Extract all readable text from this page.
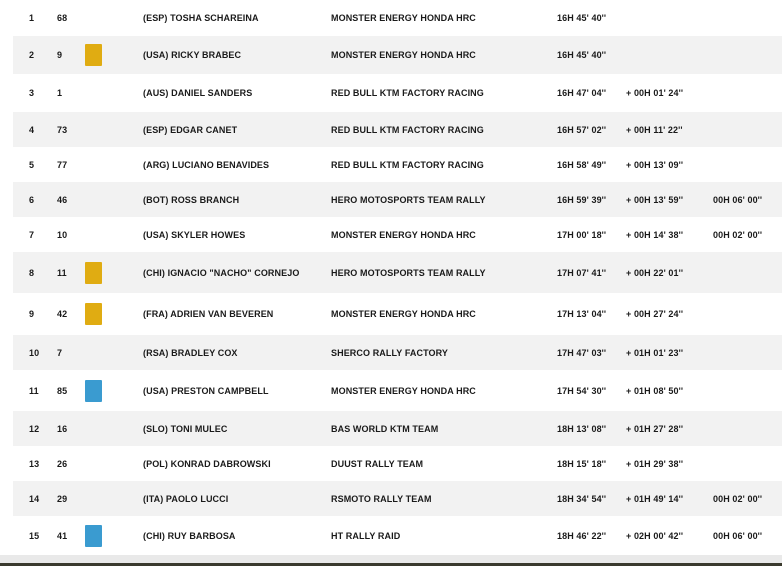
1	68	(ESP) TOSHA SCHAREINA	MONSTER ENERGY HONDA HRC	16H 45' 40''
2	9	(USA) RICKY BRABEC	MONSTER ENERGY HONDA HRC	16H 45' 40''
3	1	(AUS) DANIEL SANDERS	RED BULL KTM FACTORY RACING	16H 47' 04'' + 00H 01' 24''
4	73	(ESP) EDGAR CANET	RED BULL KTM FACTORY RACING	16H 57' 02'' + 00H 11' 22''
5	77	(ARG) LUCIANO BENAVIDES	RED BULL KTM FACTORY RACING	16H 58' 49'' + 00H 13' 09''
6	46	(BOT) ROSS BRANCH	HERO MOTOSPORTS TEAM RALLY	16H 59' 39'' + 00H 13' 59''	00H 06' 00''
7	10	(USA) SKYLER HOWES	MONSTER ENERGY HONDA HRC	17H 00' 18'' + 00H 14' 38''	00H 02' 00''
8	11	(CHI) IGNACIO "NACHO" CORNEJO	HERO MOTOSPORTS TEAM RALLY	17H 07' 41'' + 00H 22' 01''
9	42	(FRA) ADRIEN VAN BEVEREN	MONSTER ENERGY HONDA HRC	17H 13' 04'' + 00H 27' 24''
10 7	(RSA) BRADLEY COX	SHERCO RALLY FACTORY	17H 47' 03'' + 01H 01' 23''
11 85	(USA) PRESTON CAMPBELL	MONSTER ENERGY HONDA HRC	17H 54' 30'' + 01H 08' 50''
12 16	(SLO) TONI MULEC	BAS WORLD KTM TEAM	18H 13' 08'' + 01H 27' 28''
13 26	(POL) KONRAD DABROWSKI	DUUST RALLY TEAM	18H 15' 18'' + 01H 29' 38''
14 29	(ITA) PAOLO LUCCI	RSMOTO RALLY TEAM	18H 34' 54'' + 01H 49' 14''	00H 02' 00''
15 41	(CHI) RUY BARBOSA	HT RALLY RAID	18H 46' 22'' + 02H 00' 42''	00H 06' 00''
